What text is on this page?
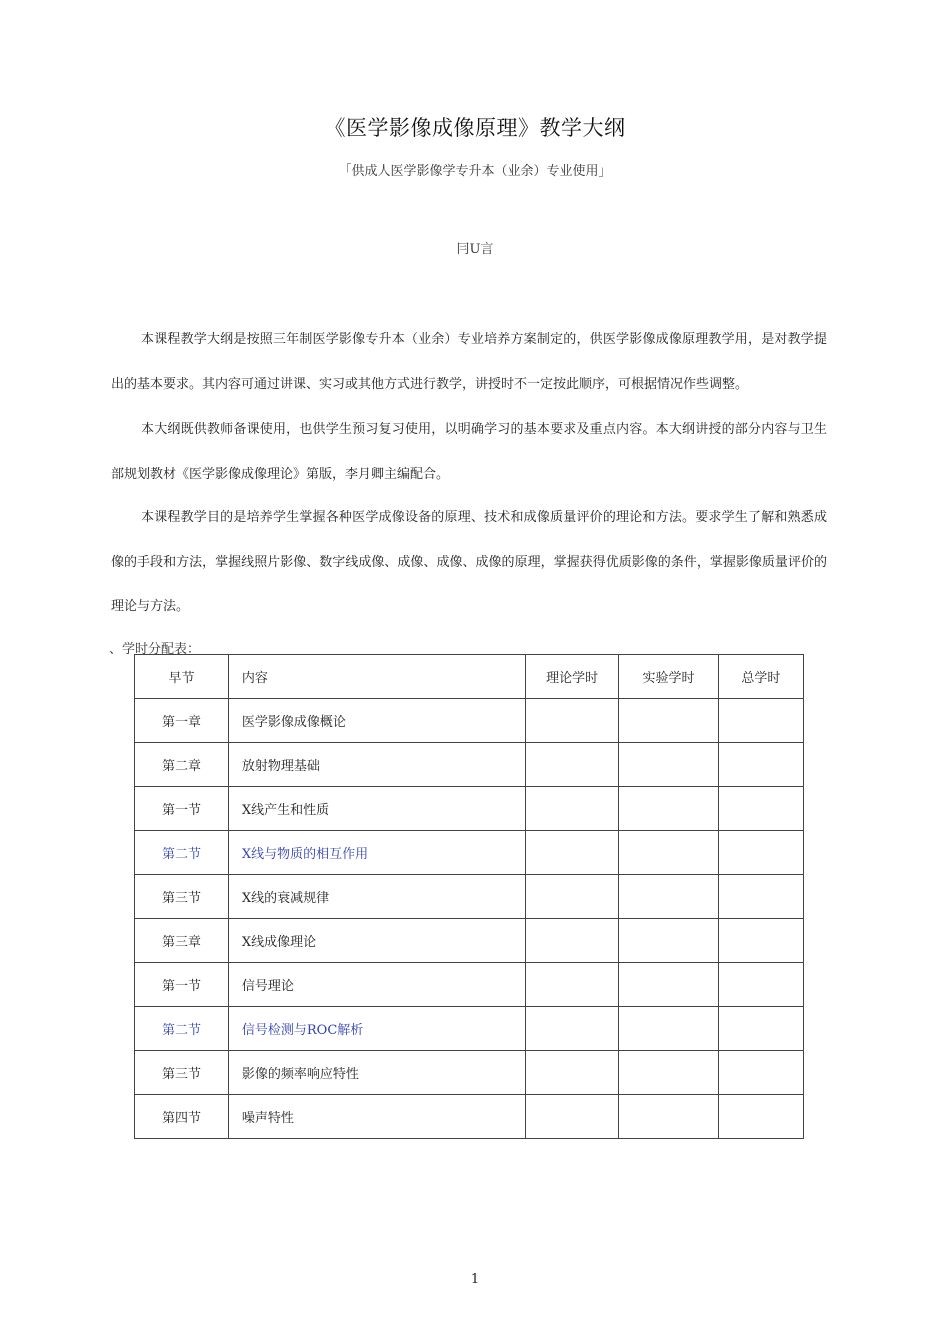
《医学影像成像原理》教学大纲
「供成人医学影像学专升本（业余）专业使用」
冃U言

本课程教学大纲是按照三年制医学影像专升本（业余）专业培养方案制定的，供医学影像成像原理教学用，是对教学提出的基本要求。其内容可通过讲课、实习或其他方式进行教学，讲授时不一定按此顺序，可根据情况作些调整。

本大纲既供教师备课使用，也供学生预习复习使用，以明确学习的基本要求及重点内容。本大纲讲授的部分内容与卫生部规划教材《医学影像成像理论》第版，李月卿主编配合。

本课程教学目的是培养学生掌握各种医学成像设备的原理、技术和成像质量评价的理论和方法。要求学生了解和熟悉成像的手段和方法，掌握线照片影像、数字线成像、成像、成像、成像的原理，掌握获得优质影像的条件，掌握影像质量评价的理论与方法。

、学时分配表：
早节	内容	理论学时	实验学时	总学时
第一章	医学影像成像概论			
第二章	放射物理基础			
第一节	X线产生和性质			
第二节	X线与物质的相互作用			
第三节	X线的衰减规律			
第三章	X线成像理论			
第一节	信号理论			
第二节	信号检测与ROC解析			
第三节	影像的频率响应特性			
第四节	噪声特性			
1
